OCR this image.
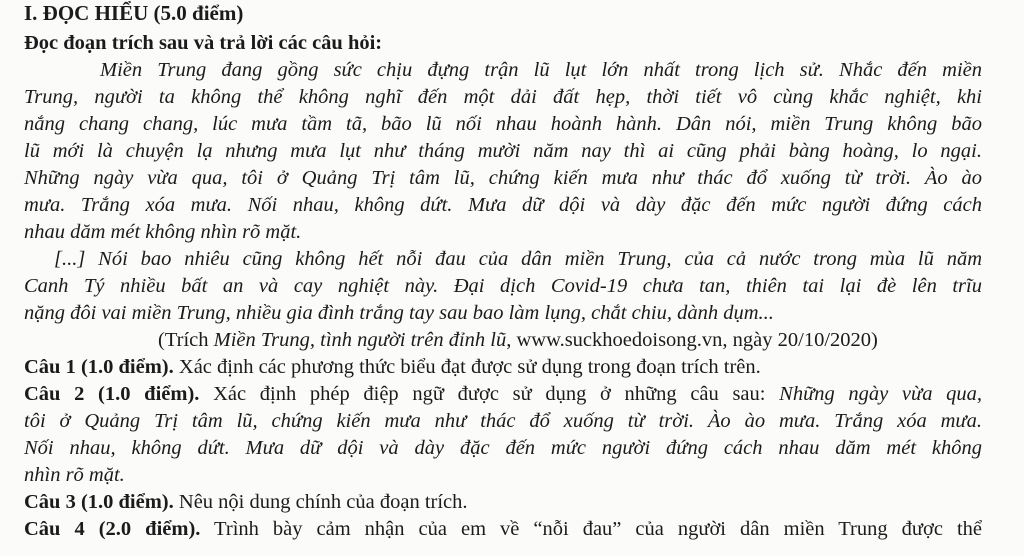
I. ĐỌC HIỂU (5.0 điểm)
Đọc đoạn trích sau và trả lời các câu hỏi:
Miền Trung đang gồng sức chịu đựng trận lũ lụt lớn nhất trong lịch sử. Nhắc đến miền
Trung, người ta không thể không nghĩ đến một dải đất hẹp, thời tiết vô cùng khắc nghiệt, khi
nắng chang chang, lúc mưa tầm tã, bão lũ nối nhau hoành hành. Dân nói, miền Trung không bão
lũ mới là chuyện lạ nhưng mưa lụt như tháng mười năm nay thì ai cũng phải bàng hoàng, lo ngại.
Những ngày vừa qua, tôi ở Quảng Trị tâm lũ, chứng kiến mưa như thác đổ xuống từ trời. Ào ào
mưa. Trắng xóa mưa. Nối nhau, không dứt. Mưa dữ dội và dày đặc đến mức người đứng cách
nhau dăm mét không nhìn rõ mặt.
[...] Nói bao nhiêu cũng không hết nỗi đau của dân miền Trung, của cả nước trong mùa lũ năm
Canh Tý nhiều bất an và cay nghiệt này. Đại dịch Covid-19 chưa tan, thiên tai lại đè lên trĩu
nặng đôi vai miền Trung, nhiều gia đình trắng tay sau bao làm lụng, chắt chiu, dành dụm...
(Trích Miền Trung, tình người trên đỉnh lũ, www.suckhoedoisong.vn, ngày 20/10/2020)
Câu 1 (1.0 điểm). Xác định các phương thức biểu đạt được sử dụng trong đoạn trích trên.
Câu 2 (1.0 điểm). Xác định phép điệp ngữ được sử dụng ở những câu sau: Những ngày vừa qua,
tôi ở Quảng Trị tâm lũ, chứng kiến mưa như thác đổ xuống từ trời. Ào ào mưa. Trắng xóa mưa.
Nối nhau, không dứt. Mưa dữ dội và dày đặc đến mức người đứng cách nhau dăm mét không
nhìn rõ mặt.
Câu 3 (1.0 điểm). Nêu nội dung chính của đoạn trích.
Câu 4 (2.0 điểm). Trình bày cảm nhận của em về “nỗi đau” của người dân miền Trung được thể
